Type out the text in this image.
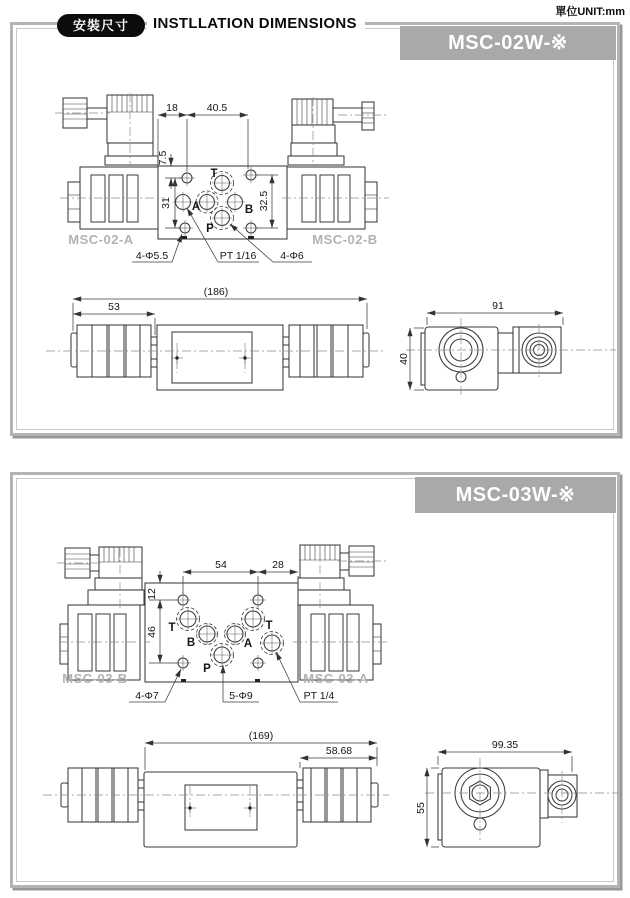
安裝尺寸	INSTLLATION DIMENSIONS
單位UNIT:mm
MSC-02W-※
MSC-03W-※
18	40.5
7.5
31	32.5
T
A	B
P
MSC-02-A	MSC-02-B
4-Φ5.5	PT 1/16 4-Φ6
(186)
53	91
40
54	28
12
46 T
B	A
T
P
MSC-03-B	MSC-03-A
4-Φ7	5-Φ9	PT 1/4
(169)
58.68	99.35
55
